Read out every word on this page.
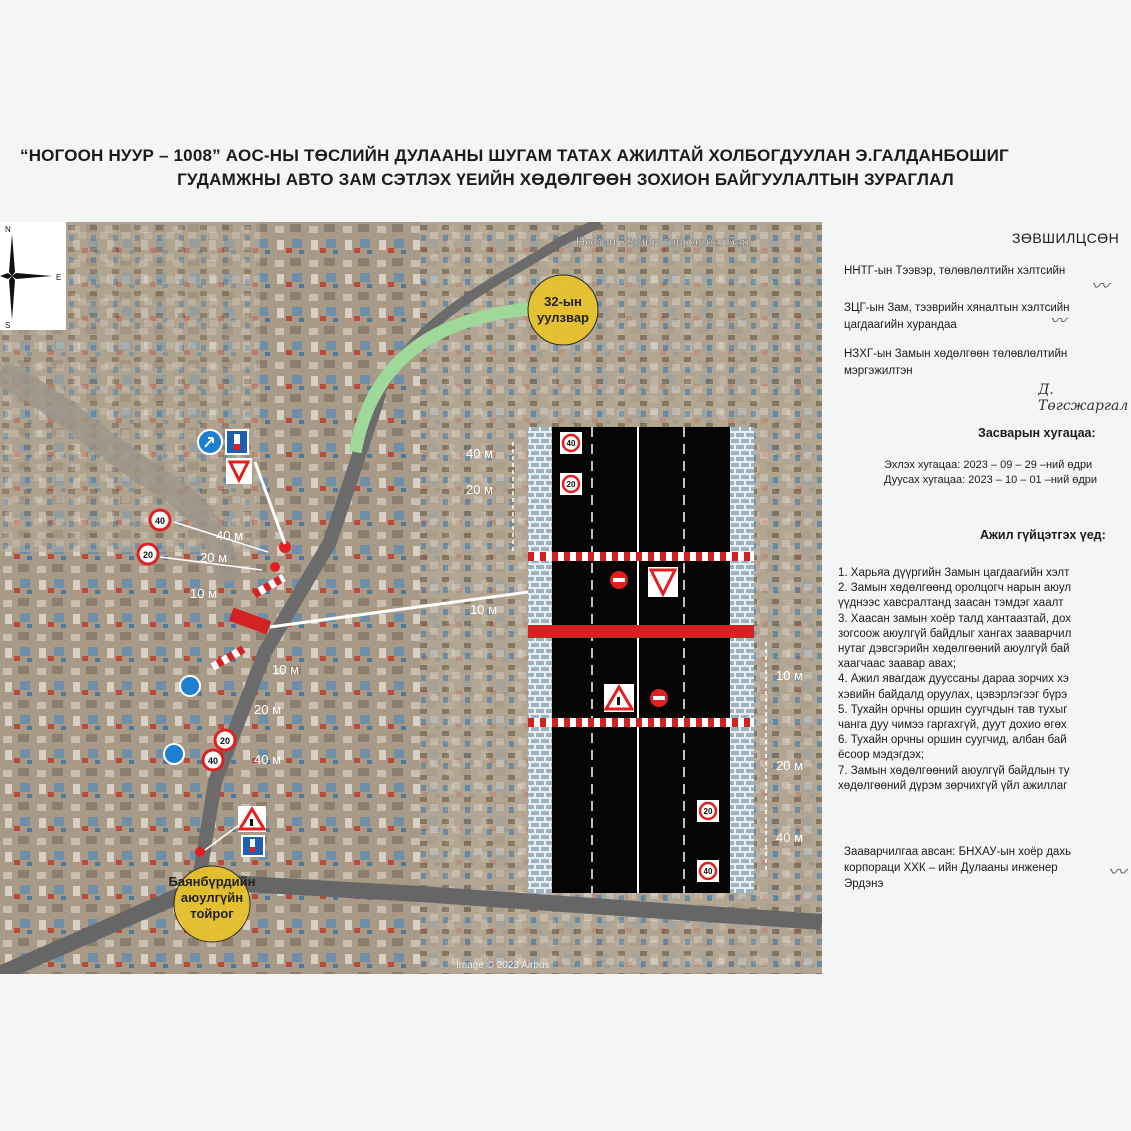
“НОГООН НУУР – 1008” АОС-НЫ ТӨСЛИЙН ДУЛААНЫ ШУГАМ ТАТАХ АЖИЛТАЙ ХОЛБОГДУУЛАН Э.ГАЛДАНБОШИГ
ГУДАМЖНЫ АВТО ЗАМ СЭТЛЭХ ҮЕИЙН ХӨДӨЛГӨӨН ЗОХИОН БАЙГУУЛАЛТЫН ЗУРАГЛАЛ
N
E
S
Номин 32 ийн тойрог салбар
32-ын
уулзвар
Баянбүрдийн
аюулгүйн
тойрог
40
20
20
40
40 м
20 м
10 м
10 м
20 м
40 м
Image © 2023 Airbus
40
20
20
40
40 м
20 м
10 м
10 м
20 м
40 м
ЗӨВШИЛЦСӨН
НHТГ-ын Тээвэр, төлөвлөлтийн хэлтсийн
〰
ЗЦГ-ын Зам, тээврийн хяналтын хэлтсийн
цагдаагийн хурандаа	〰
НЗХГ-ын Замын хөдөлгөөн төлөвлөлтийн
мэргэжилтэн
Д. Төгсжаргал
Засварын хугацаа:
Эхлэх хугацаа: 2023 – 09 – 29 –ний өдри
Дуусах хугацаа: 2023 – 10 – 01 –ний өдри
Ажил гүйцэтгэх үед:
1. Харьяа дүүргийн Замын цагдаагийн хэлт
2. Замын хөдөлгөөнд оролцогч нарын аюул
үүднээс хавсралтанд заасан тэмдэг хаалт
3. Хаасан замын хоёр талд хантаазтай, дох
зогсоож аюулгүй байдлыг хангах зааварчил
нутаг дэвсгэрийн хөдөлгөөний аюулгүй бай
хаагчаас заавар авах;
4. Ажил явагдаж дууссаны дараа зорчих хэ
хэвийн байдалд оруулах, цэвэрлэгээг бүрэ
5. Тухайн орчны оршин суугчдын тав тухыг
чанга дуу чимээ гаргахгүй, дуут дохио өгөх
6. Тухайн орчны оршин суугчид, албан бай
ёсоор мэдэгдэх;
7. Замын хөдөлгөөний аюулгүй байдлын ту
хөдөлгөөний дүрэм зөрчихгүй үйл ажиллаг
Зааварчилгаа авсан: БНХАУ-ын хоёр дахь
корпораци ХХК – ийн Дулааны инженер
Эрдэнэ
〰
